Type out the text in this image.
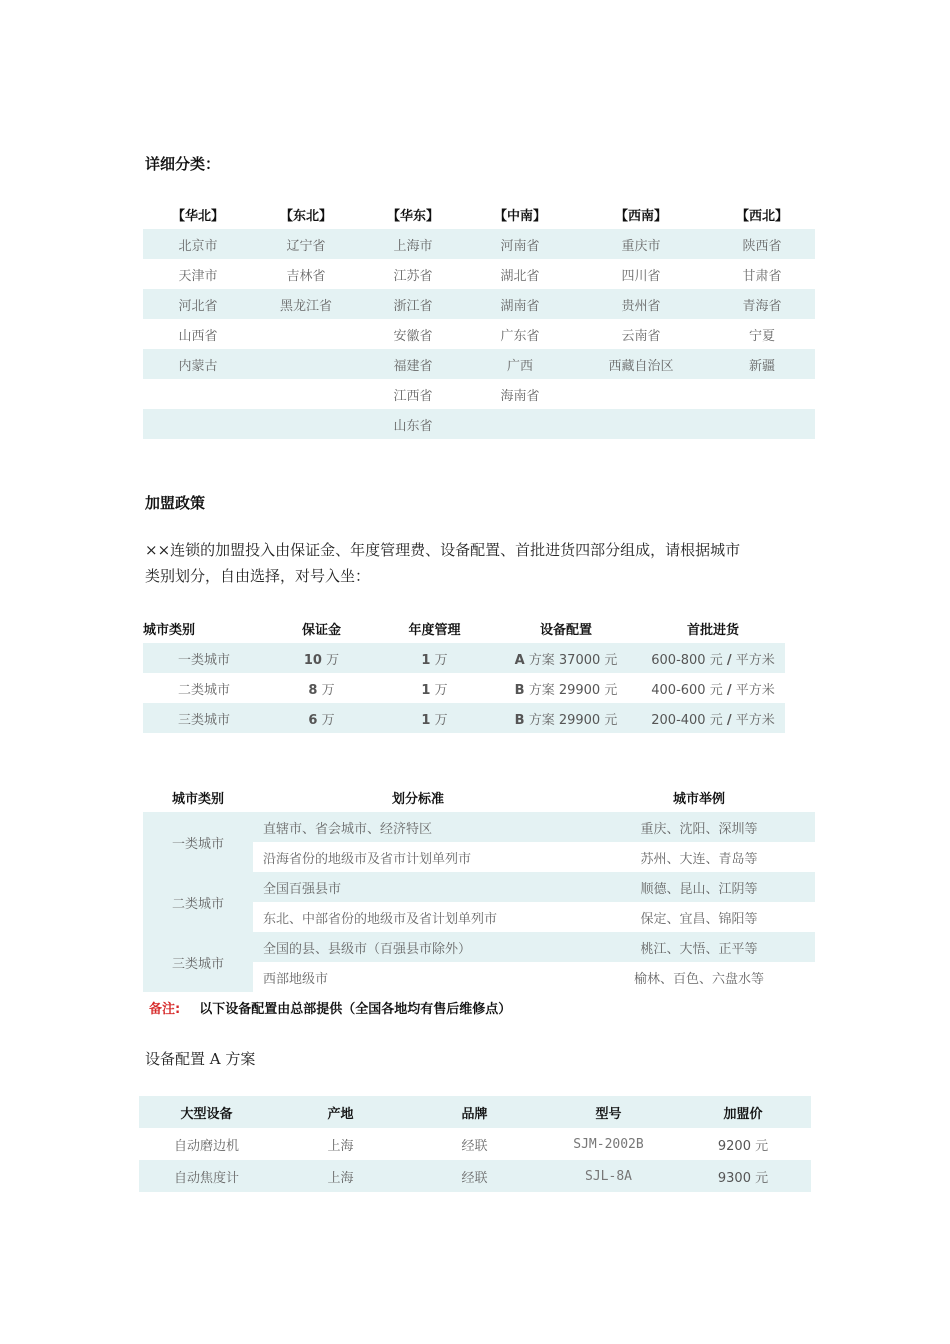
详细分类：
【华北】	【东北】	【华东】	【中南】	【西南】	【西北】
北京市	辽宁省	上海市	河南省	重庆市	陕西省
天津市	吉林省	江苏省	湖北省	四川省	甘肃省
河北省	黑龙江省	浙江省	湖南省	贵州省	青海省
山西省		安徽省	广东省	云南省	宁夏
内蒙古		福建省	广西	西藏自治区	新疆
		江西省	海南省		
		山东省			
加盟政策
××连锁的加盟投入由保证金、年度管理费、设备配置、首批进货四部分组成，请根据城市
类别划分，自由选择，对号入坐：
城市类别	保证金	年度管理	设备配置	首批进货
一类城市	10 万	1 万	A 方案 37000 元	600-800 元 / 平方米
二类城市	8 万	1 万	B 方案 29900 元	400-600 元 / 平方米
三类城市	6 万	1 万	B 方案 29900 元	200-400 元 / 平方米
城市类别	划分标准	城市举例
一类城市	直辖市、省会城市、经济特区	重庆、沈阳、深圳等
	沿海省份的地级市及省市计划单列市	苏州、大连、青岛等
二类城市	全国百强县市	顺德、昆山、江阴等
	东北、中部省份的地级市及省计划单列市	保定、宜昌、锦阳等
三类城市	全国的县、县级市（百强县市除外）	桃江、大悟、正平等
	西部地级市	榆林、百色、六盘水等
备注: 以下设备配置由总部提供（全国各地均有售后维修点）
设备配置 A 方案
大型设备	产地	品牌	型号	加盟价
自动磨边机	上海	经联	SJM-2002B	9200 元
自动焦度计	上海	经联	SJL-8A	9300 元
